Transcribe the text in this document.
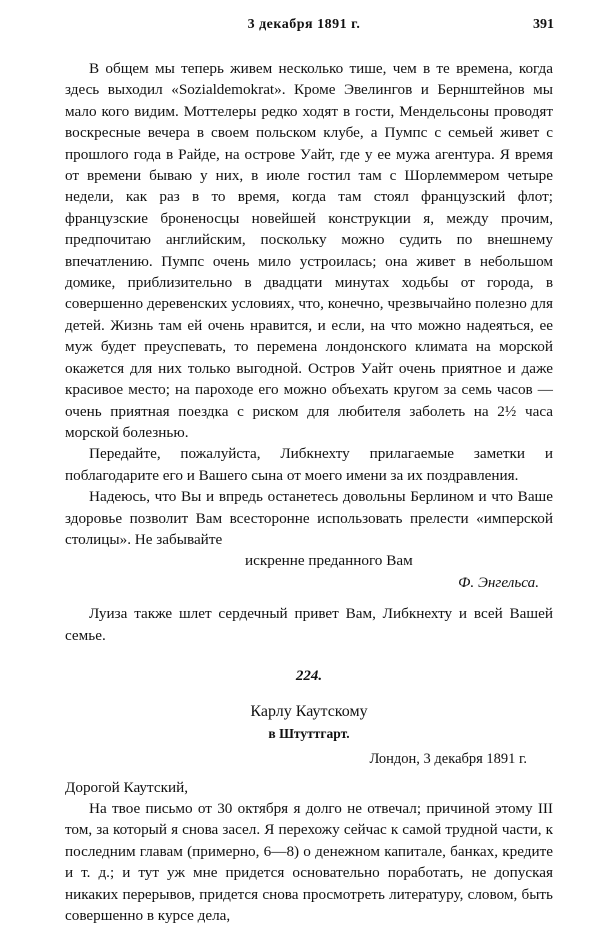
3 декабря 1891 г.	391

В общем мы теперь живем несколько тише, чем в те времена, когда здесь выходил «Sozialdemokrat». Кроме Эвелингов и Бернштейнов мы мало кого видим. Моттелеры редко ходят в гости, Мендельсоны проводят воскресные вечера в своем польском клубе, а Пумпс с семьей живет с прошлого года в Райде, на острове Уайт, где у ее мужа агентура. Я время от времени бываю у них, в июле гостил там с Шорлеммером четыре недели, как раз в то время, когда там стоял французский флот; французские броненосцы новейшей конструкции я, между прочим, предпочитаю английским, поскольку можно судить по внешнему впечатлению. Пумпс очень мило устроилась; она живет в небольшом домике, приблизительно в двадцати минутах ходьбы от города, в совершенно деревенских условиях, что, конечно, чрезвычайно полезно для детей. Жизнь там ей очень нравится, и если, на что можно надеяться, ее муж будет преуспевать, то перемена лондонского климата на морской окажется для них только выгодной. Остров Уайт очень приятное и даже красивое место; на пароходе его можно объехать кругом за семь часов — очень приятная поездка с риском для любителя заболеть на 2½ часа морской болезнью.

Передайте, пожалуйста, Либкнехту прилагаемые заметки и поблагодарите его и Вашего сына от моего имени за их поздравления.

Надеюсь, что Вы и впредь останетесь довольны Берлином и что Ваше здоровье позволит Вам всесторонне использовать прелести «имперской столицы». Не забывайте

искренне преданного Вам

Ф. Энгельса.

Луиза также шлет сердечный привет Вам, Либкнехту и всей Вашей семье.

224.
Карлу Каутскому
в Штуттгарт.
Лондон, 3 декабря 1891 г.

Дорогой Каутский,

На твое письмо от 30 октября я долго не отвечал; причиной этому III том, за который я снова засел. Я перехожу сейчас к самой трудной части, к последним главам (примерно, 6—8) о денежном капитале, банках, кредите и т. д.; и тут уж мне придется основательно поработать, не допуская никаких перерывов, придется снова просмотреть литературу, словом, быть совершенно в курсе дела,
